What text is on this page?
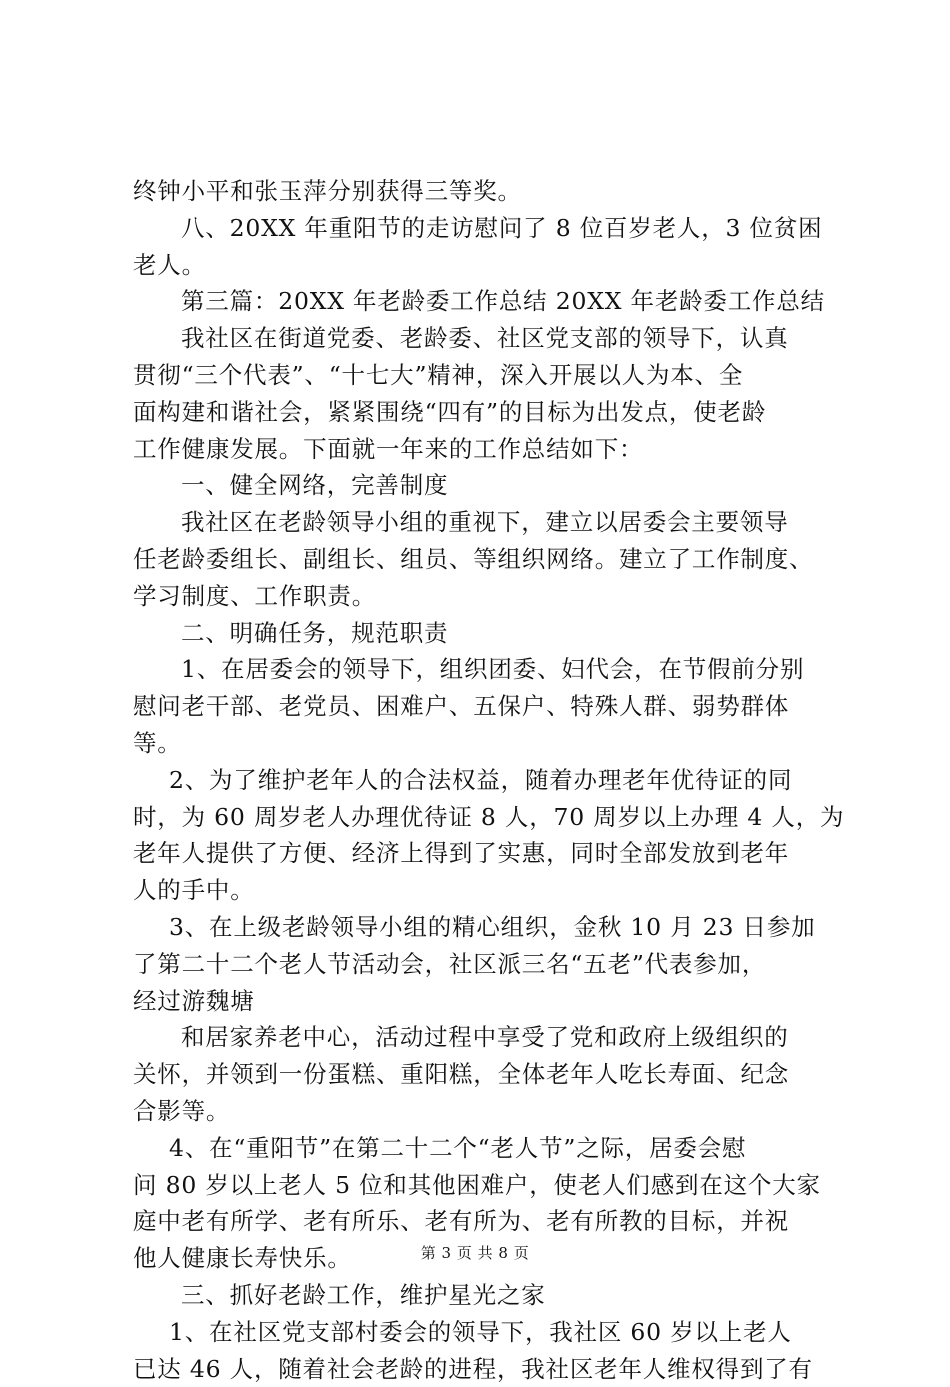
终钟小平和张玉萍分别获得三等奖。
八、20XX 年重阳节的走访慰问了 8 位百岁老人，3 位贫困
老人。
第三篇：20XX 年老龄委工作总结 20XX 年老龄委工作总结
我社区在街道党委、老龄委、社区党支部的领导下，认真
贯彻“三个代表”、“十七大”精神，深入开展以人为本、全
面构建和谐社会，紧紧围绕“四有”的目标为出发点，使老龄
工作健康发展。下面就一年来的工作总结如下：
一、健全网络，完善制度
我社区在老龄领导小组的重视下，建立以居委会主要领导
任老龄委组长、副组长、组员、等组织网络。建立了工作制度、
学习制度、工作职责。
二、明确任务，规范职责
1、在居委会的领导下，组织团委、妇代会，在节假前分别
慰问老干部、老党员、困难户、五保户、特殊人群、弱势群体
等。
2、为了维护老年人的合法权益，随着办理老年优待证的同
时，为 60 周岁老人办理优待证 8 人，70 周岁以上办理 4 人，为
老年人提供了方便、经济上得到了实惠，同时全部发放到老年
人的手中。
3、在上级老龄领导小组的精心组织，金秋 10 月 23 日参加
了第二十二个老人节活动会，社区派三名“五老”代表参加，
经过游魏塘
和居家养老中心，活动过程中享受了党和政府上级组织的
关怀，并领到一份蛋糕、重阳糕，全体老年人吃长寿面、纪念
合影等。
4、在“重阳节”在第二十二个“老人节”之际，居委会慰
问 80 岁以上老人 5 位和其他困难户，使老人们感到在这个大家
庭中老有所学、老有所乐、老有所为、老有所教的目标，并祝
他人健康长寿快乐。
三、抓好老龄工作，维护星光之家
1、在社区党支部村委会的领导下，我社区 60 岁以上老人
已达 46 人，随着社会老龄的进程，我社区老年人维权得到了有
第 3 页 共 8 页
